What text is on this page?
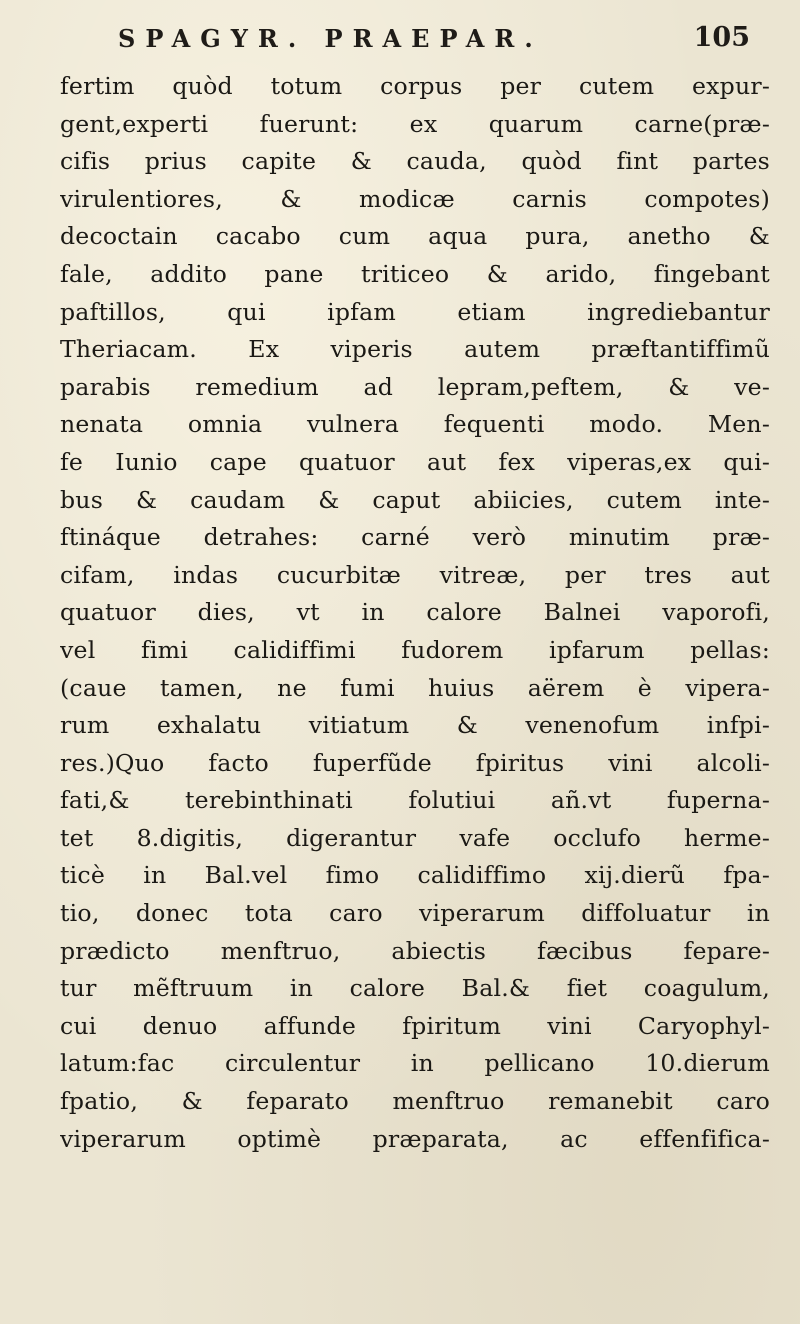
SPAGYR. PRAEPAR.	105
fertim quòd totum corpus per cutem expur-
gent,experti fuerunt: ex quarum carne(præ-
cifis prius capite & cauda, quòd fint partes
virulentiores, & modicæ carnis compotes)
decoctain cacabo cum aqua pura, anetho &
fale, addito pane triticeo & arido, fingebant
paftillos, qui ipfam etiam ingrediebantur
Theriacam. Ex viperis autem præftantiffimũ
parabis remedium ad lepram,peftem, & ve-
nenata omnia vulnera fequenti modo. Men-
fe Iunio cape quatuor aut fex viperas,ex qui-
bus & caudam & caput abiicies, cutem inte-
ftináque detrahes: carné verò minutim præ-
cifam, indas cucurbitæ vitreæ, per tres aut
quatuor dies, vt in calore Balnei vaporofi,
vel fimi calidiffimi fudorem ipfarum pellas:
(caue tamen, ne fumi huius aërem è vipera-
rum exhalatu vitiatum & venenofum infpi-
res.)Quo facto fuperfũde fpiritus vini alcoli-
fati,& terebinthinati folutiui añ.vt fuperna-
tet 8.digitis, digerantur vafe occlufo herme-
ticè in Bal.vel fimo calidiffimo xij.dierũ fpa-
tio, donec tota caro viperarum diffoluatur in
prædicto menftruo, abiectis fæcibus fepare-
tur mẽftruum in calore Bal.& fiet coagulum,
cui denuo affunde fpiritum vini Caryophyl-
latum:fac circulentur in pellicano 10.dierum
fpatio, & feparato menftruo remanebit caro
viperarum optimè præparata, ac effenfifica-
